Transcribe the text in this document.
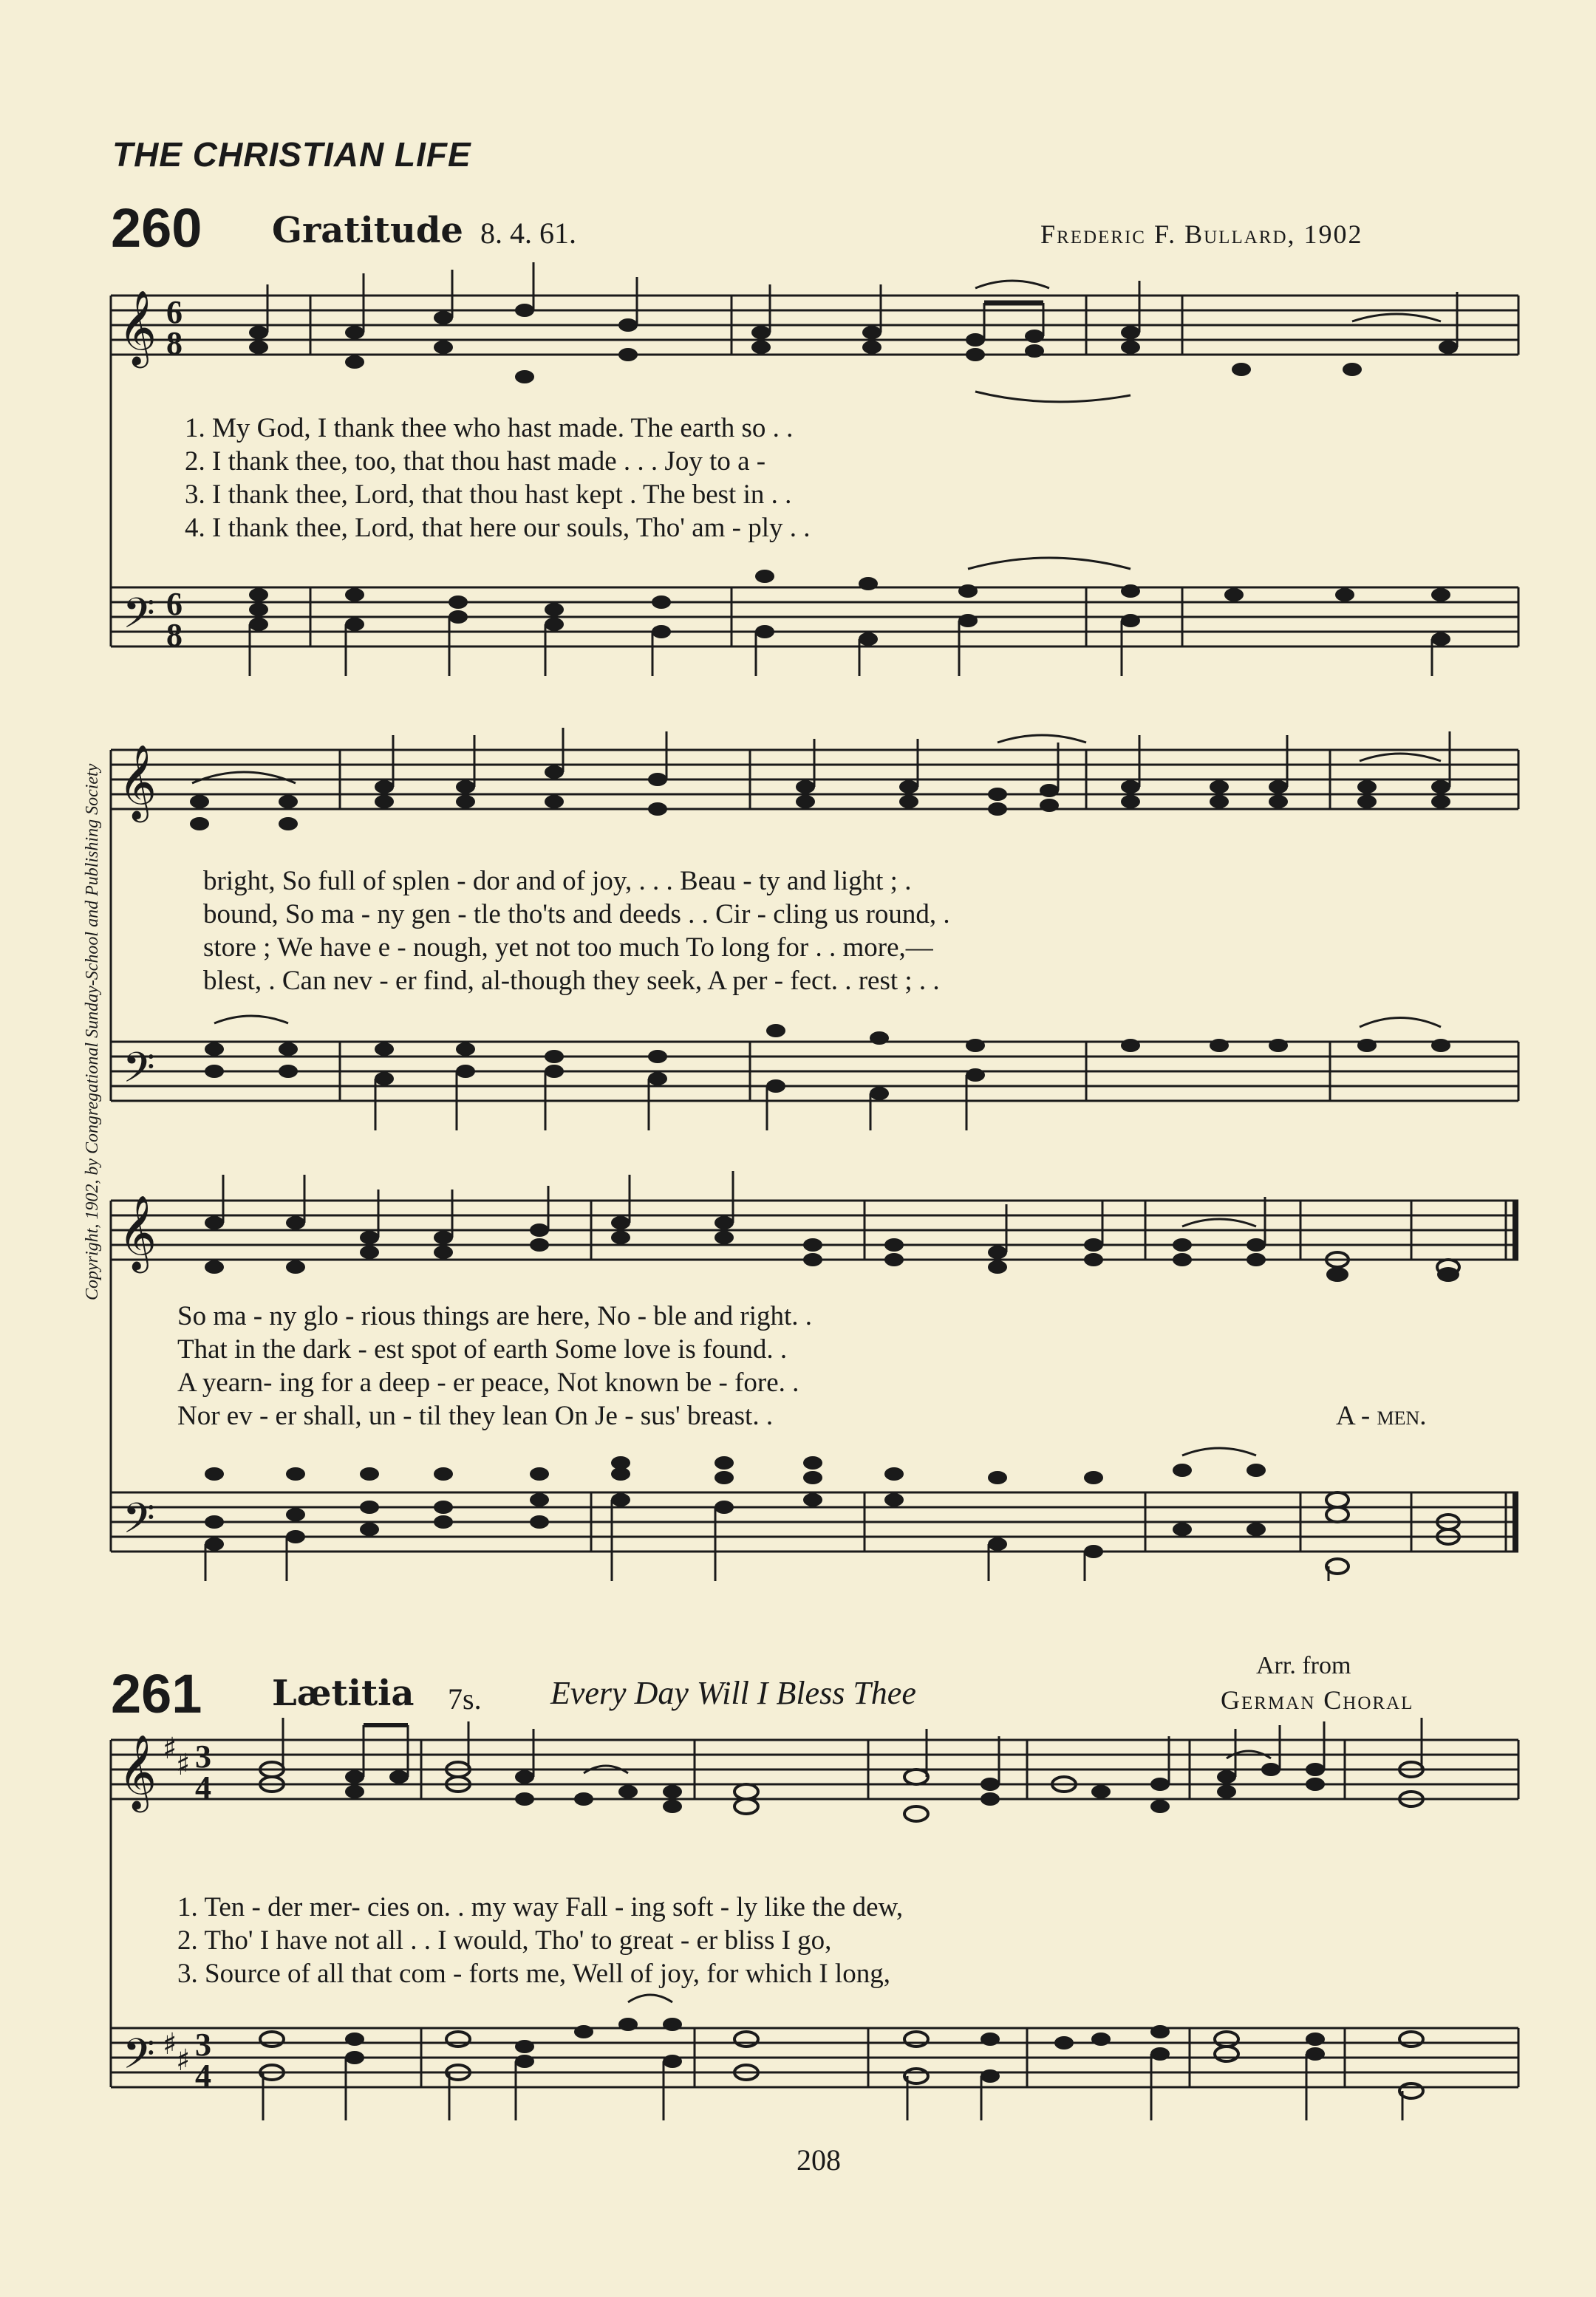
THE CHRISTIAN LIFE
Copyright, 1902, by Congregational Sunday-School and Publishing Society
260 Gratitude 8. 4. 61.	Frederic F. Bullard, 1902
𝄞
𝄢
6
8
6
8
1. My God, I thank thee who hast made. The earth so . .
2. I thank thee, too, that thou hast made . . . Joy to a -
3. I thank thee, Lord, that thou hast kept . The best in . .
4. I thank thee, Lord, that here our souls, Tho' am - ply . .
𝄞
𝄢
bright, So full of splen - dor and of joy, . . . Beau - ty and light ; .
bound, So ma - ny gen - tle tho'ts and deeds . . Cir - cling us round, .
store ; We have e - nough, yet not too much To long for . . more,—
blest, . Can nev - er find, al-though they seek, A per - fect. . rest ; . .
𝄞
𝄢
So ma - ny glo - rious things are here, No - ble and right. .
That in the dark - est spot of earth Some love is found. .
A yearn- ing for a deep - er peace, Not known be - fore. .
Nor ev - er shall, un - til they lean On Je - sus' breast. .	A - men.
Arr. from
261 Lætitia 7s. Every Day Will I Bless Thee	German Choral
𝄞
𝄢
♯
♯
♯
♯
3
4
3
4
1. Ten - der mer- cies on. . my way Fall - ing soft - ly like the dew,
2. Tho' I have not all . . I would, Tho' to great - er bliss I go,
3. Source of all that com - forts me, Well of joy, for which I long,
208
